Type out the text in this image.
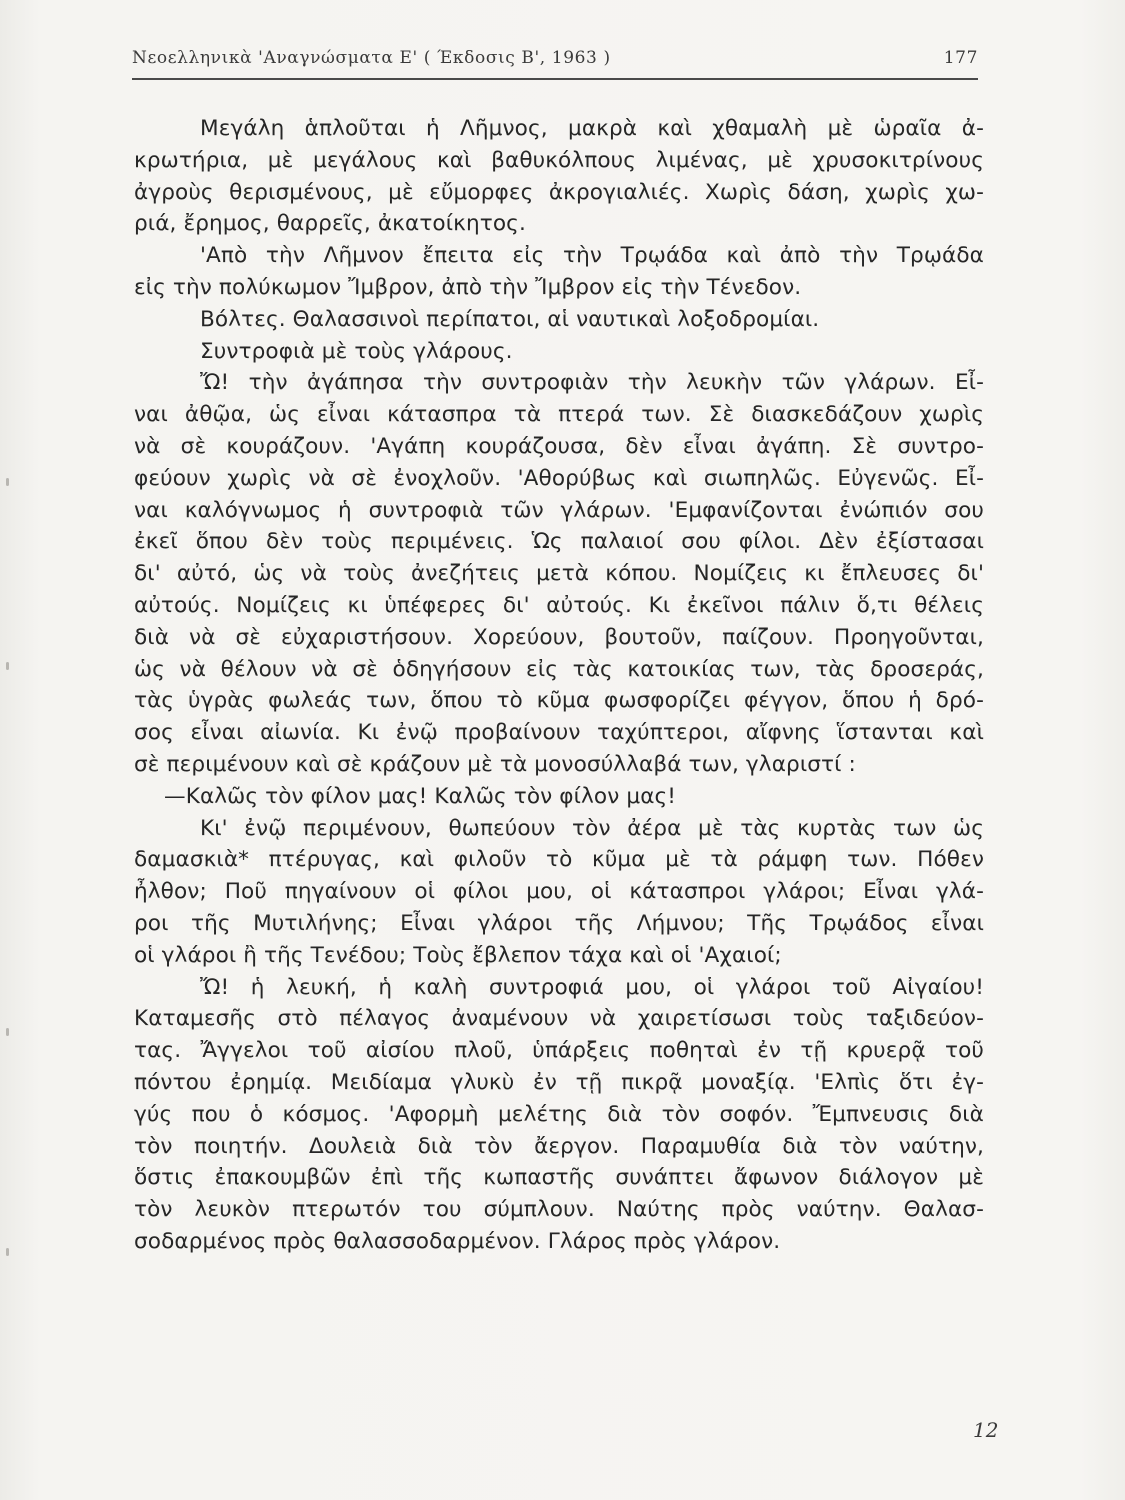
Νεοελληνικὰ 'Αναγνώσματα Ε' ( Έκδοσις Β', 1963 )	177
Μεγάλη ἁπλοῦται ἡ Λῆμνος, μακρὰ καὶ χθαμαλὴ μὲ ὡραῖα ἀ-
κρωτήρια, μὲ μεγάλους καὶ βαθυκόλπους λιμένας, μὲ χρυσοκιτρίνους
ἀγροὺς θερισμένους, μὲ εὔμορφες ἀκρογιαλιές. Χωρὶς δάση, χωρὶς χω-
ριά, ἔρημος, θαρρεῖς, ἀκατοίκητος.
'Απὸ τὴν Λῆμνον ἔπειτα εἰς τὴν Τρῳάδα καὶ ἀπὸ τὴν Τρῳάδα
εἰς τὴν πολύκωμον Ἴμβρον, ἀπὸ τὴν Ἴμβρον εἰς τὴν Τένεδον.
Βόλτες. Θαλασσινοὶ περίπατοι, αἱ ναυτικαὶ λοξοδρομίαι.
Συντροφιὰ μὲ τοὺς γλάρους.
Ὤ! τὴν ἀγάπησα τὴν συντροφιὰν τὴν λευκὴν τῶν γλάρων. Εἶ-
ναι ἀθῷα, ὡς εἶναι κάτασπρα τὰ πτερά των. Σὲ διασκεδάζουν χωρὶς
νὰ σὲ κουράζουν. 'Αγάπη κουράζουσα, δὲν εἶναι ἀγάπη. Σὲ συντρο-
φεύουν χωρὶς νὰ σὲ ἐνοχλοῦν. 'Αθορύβως καὶ σιωπηλῶς. Εὐγενῶς. Εἶ-
ναι καλόγνωμος ἡ συντροφιὰ τῶν γλάρων. 'Εμφανίζονται ἐνώπιόν σου
ἐκεῖ ὅπου δὲν τοὺς περιμένεις. Ὡς παλαιοί σου φίλοι. Δὲν ἐξίστασαι
δι' αὐτό, ὡς νὰ τοὺς ἀνεζήτεις μετὰ κόπου. Νομίζεις κι ἔπλευσες δι'
αὐτούς. Νομίζεις κι ὑπέφερες δι' αὐτούς. Κι ἐκεῖνοι πάλιν ὅ,τι θέλεις
διὰ νὰ σὲ εὐχαριστήσουν. Χορεύουν, βουτοῦν, παίζουν. Προηγοῦνται,
ὡς νὰ θέλουν νὰ σὲ ὁδηγήσουν εἰς τὰς κατοικίας των, τὰς δροσεράς,
τὰς ὑγρὰς φωλεάς των, ὅπου τὸ κῦμα φωσφορίζει φέγγον, ὅπου ἡ δρό-
σος εἶναι αἰωνία. Κι ἐνῷ προβαίνουν ταχύπτεροι, αἴφνης ἵστανται καὶ
σὲ περιμένουν καὶ σὲ κράζουν μὲ τὰ μονοσύλλαβά των, γλαριστί :
—Καλῶς τὸν φίλον μας! Καλῶς τὸν φίλον μας!
Κι' ἐνῷ περιμένουν, θωπεύουν τὸν ἀέρα μὲ τὰς κυρτὰς των ὡς
δαμασκιὰ* πτέρυγας, καὶ φιλοῦν τὸ κῦμα μὲ τὰ ράμφη των. Πόθεν
ἦλθον; Ποῦ πηγαίνουν οἱ φίλοι μου, οἱ κάτασπροι γλάροι; Εἶναι γλά-
ροι τῆς Μυτιλήνης; Εἶναι γλάροι τῆς Λήμνου; Τῆς Τρῳάδος εἶναι
οἱ γλάροι ἢ τῆς Τενέδου; Τοὺς ἔβλεπον τάχα καὶ οἱ 'Αχαιοί;
Ὤ! ἡ λευκή, ἡ καλὴ συντροφιά μου, οἱ γλάροι τοῦ Αἰγαίου!
Καταμεσῆς στὸ πέλαγος ἀναμένουν νὰ χαιρετίσωσι τοὺς ταξιδεύον-
τας. Ἄγγελοι τοῦ αἰσίου πλοῦ, ὑπάρξεις ποθηταὶ ἐν τῇ κρυερᾷ τοῦ
πόντου ἐρημίᾳ. Μειδίαμα γλυκὺ ἐν τῇ πικρᾷ μοναξίᾳ. 'Ελπὶς ὅτι ἐγ-
γύς που ὁ κόσμος. 'Αφορμὴ μελέτης διὰ τὸν σοφόν. Ἔμπνευσις διὰ
τὸν ποιητήν. Δουλειὰ διὰ τὸν ἄεργον. Παραμυθία διὰ τὸν ναύτην,
ὅστις ἐπακουμβῶν ἐπὶ τῆς κωπαστῆς συνάπτει ἄφωνον διάλογον μὲ
τὸν λευκὸν πτερωτόν του σύμπλουν. Ναύτης πρὸς ναύτην. Θαλασ-
σοδαρμένος πρὸς θαλασσοδαρμένον. Γλάρος πρὸς γλάρον.
12
